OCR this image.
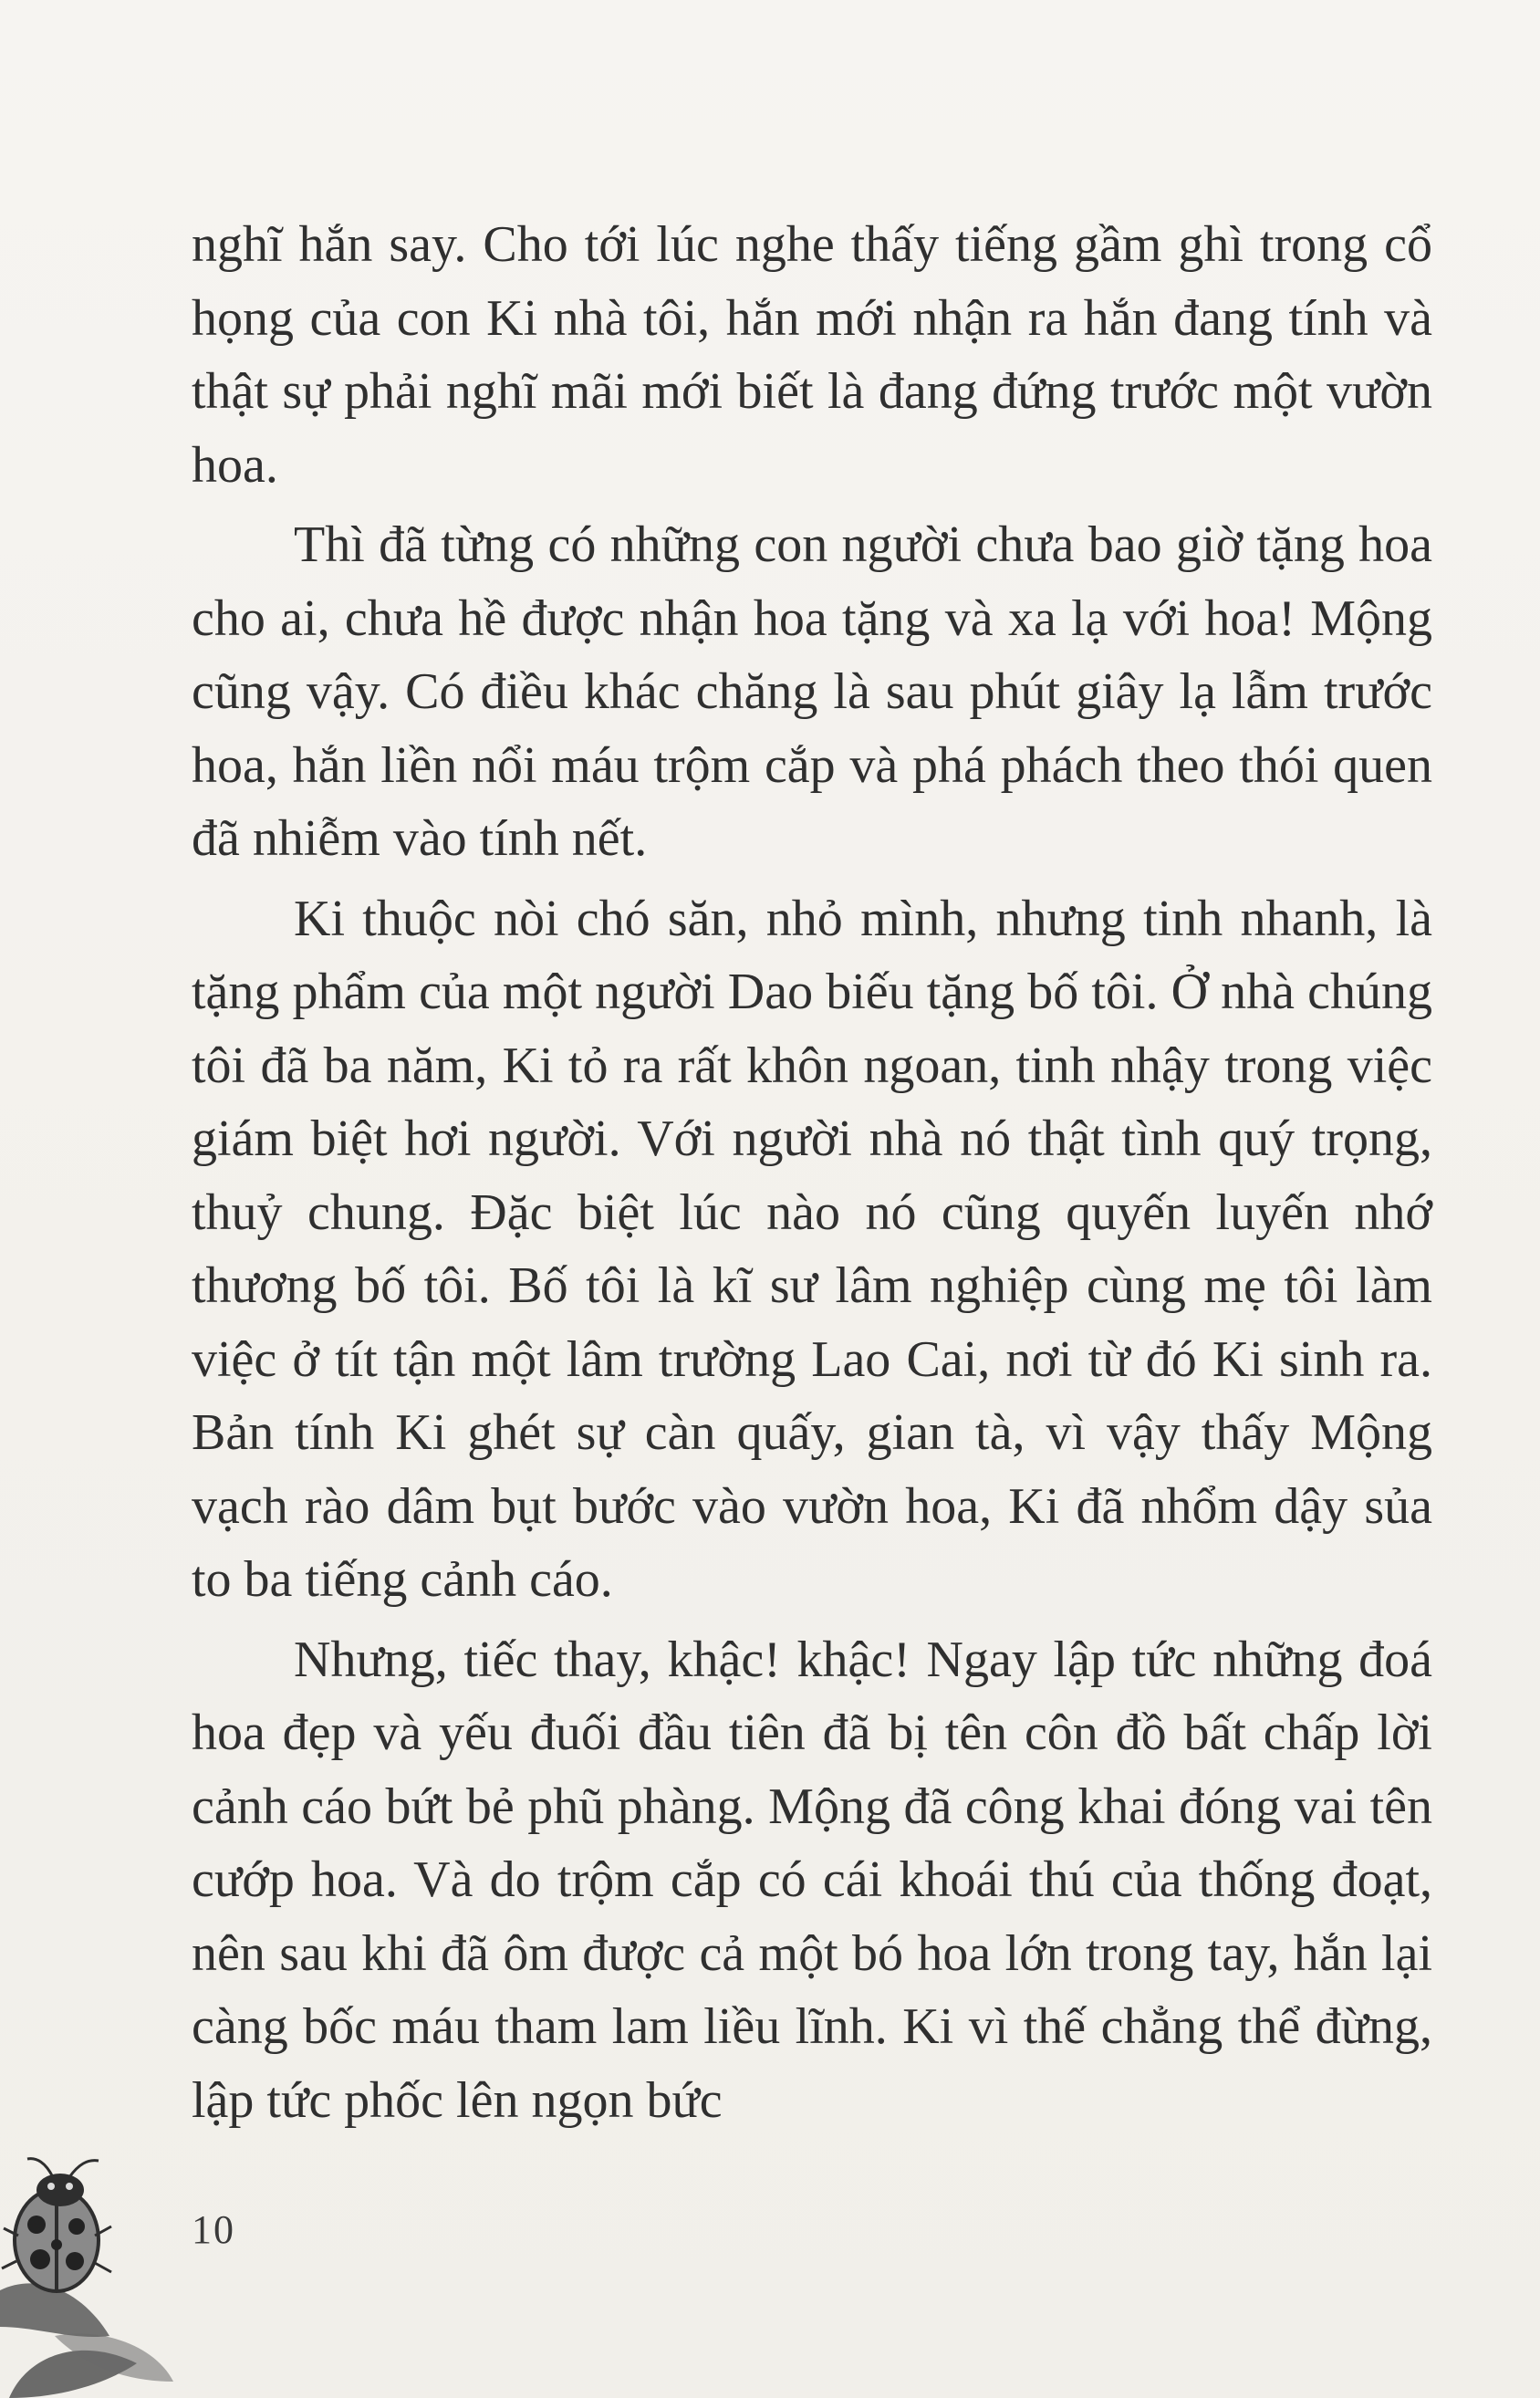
nghĩ hắn say. Cho tới lúc nghe thấy tiếng gầm ghì trong cổ họng của con Ki nhà tôi, hắn mới nhận ra hắn đang tính và thật sự phải nghĩ mãi mới biết là đang đứng trước một vườn hoa.

Thì đã từng có những con người chưa bao giờ tặng hoa cho ai, chưa hề được nhận hoa tặng và xa lạ với hoa! Mộng cũng vậy. Có điều khác chăng là sau phút giây lạ lẫm trước hoa, hắn liền nổi máu trộm cắp và phá phách theo thói quen đã nhiễm vào tính nết.

Ki thuộc nòi chó săn, nhỏ mình, nhưng tinh nhanh, là tặng phẩm của một người Dao biếu tặng bố tôi. Ở nhà chúng tôi đã ba năm, Ki tỏ ra rất khôn ngoan, tinh nhậy trong việc giám biệt hơi người. Với người nhà nó thật tình quý trọng, thuỷ chung. Đặc biệt lúc nào nó cũng quyến luyến nhớ thương bố tôi. Bố tôi là kĩ sư lâm nghiệp cùng mẹ tôi làm việc ở tít tận một lâm trường Lao Cai, nơi từ đó Ki sinh ra. Bản tính Ki ghét sự càn quấy, gian tà, vì vậy thấy Mộng vạch rào dâm bụt bước vào vườn hoa, Ki đã nhổm dậy sủa to ba tiếng cảnh cáo.

Nhưng, tiếc thay, khậc! khậc! Ngay lập tức những đoá hoa đẹp và yếu đuối đầu tiên đã bị tên côn đồ bất chấp lời cảnh cáo bứt bẻ phũ phàng. Mộng đã công khai đóng vai tên cướp hoa. Và do trộm cắp có cái khoái thú của thống đoạt, nên sau khi đã ôm được cả một bó hoa lớn trong tay, hắn lại càng bốc máu tham lam liều lĩnh. Ki vì thế chẳng thể đừng, lập tức phốc lên ngọn bức

10
